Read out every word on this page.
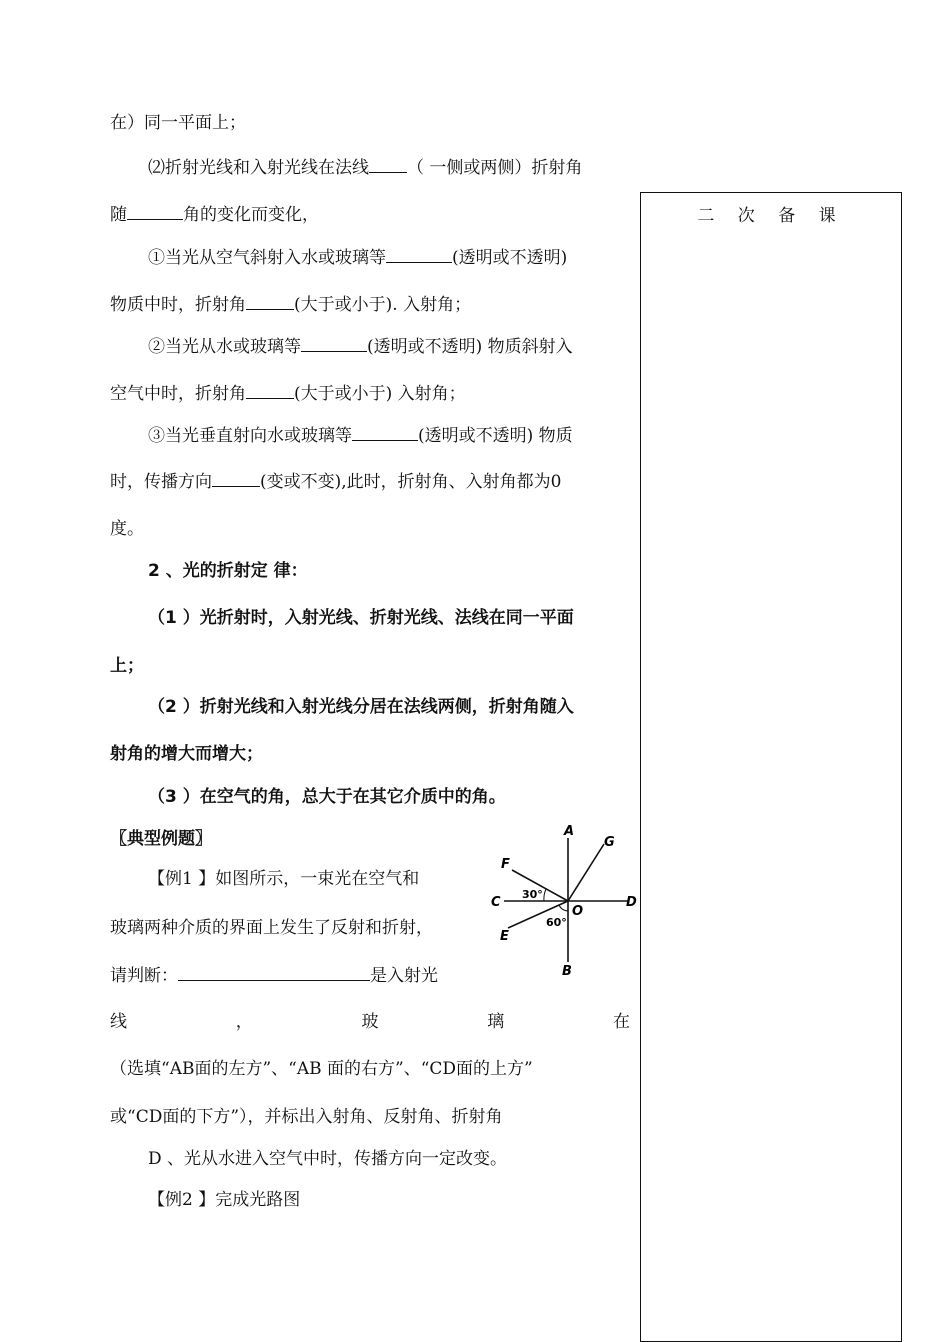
在）同一平面上；
⑵折射光线和入射光线在法线 （ 一侧或两侧）折射角
随	角的变化而变化，
①当光从空气斜射入水或玻璃等	(透明或不透明)
物质中时，折射角	(大于或小于). 入射角；
②当光从水或玻璃等	(透明或不透明) 物质斜射入
空气中时，折射角	(大于或小于) 入射角；
③当光垂直射向水或玻璃等	(透明或不透明) 物质
时，传播方向	(变或不变),此时，折射角、入射角都为0
度。
2 、光的折射定 律：
（1 ）光折射时，入射光线、折射光线、法线在同一平面
上；
（2 ）折射光线和入射光线分居在法线两侧，折射角随入
射角的增大而增大；
（3 ）在空气的角，总大于在其它介质中的角。
〖典型例题〗
【例1 】如图所示，一束光在空气和
玻璃两种介质的界面上发生了反射和折射，
请判断：	是入射光
线	，	玻	璃	在
（选填“AB面的左方”、“AB 面的右方”、“CD面的上方”
或“CD面的下方”），并标出入射角、反射角、折射角
D 、光从水进入空气中时，传播方向一定改变。
【例2 】完成光路图
二 次 备 课
A
B
C	D
E
F
G
O
30°
60°
